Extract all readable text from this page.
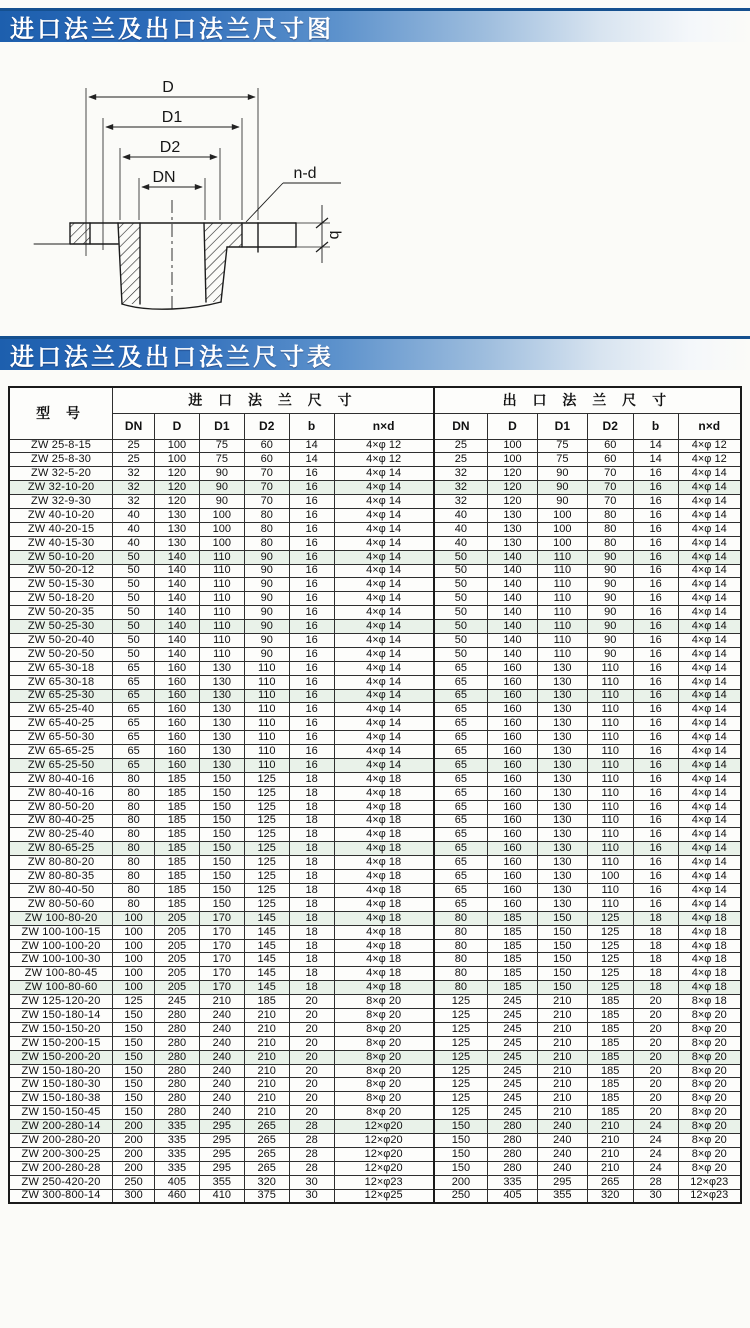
进口法兰及出口法兰尺寸图
D
D1
D2
DN	n-d
b
进口法兰及出口法兰尺寸表
型 号	进 口 法 兰 尺 寸						出 口 法 兰 尺 寸					
	DN	D	D1	D2	b	n×d	DN	D	D1	D2	b	n×d
ZW 25-8-15	25	100	75	60	14	4×φ 12	25	100	75	60	14	4×φ 12
ZW 25-8-30	25	100	75	60	14	4×φ 12	25	100	75	60	14	4×φ 12
ZW 32-5-20	32	120	90	70	16	4×φ 14	32	120	90	70	16	4×φ 14
ZW 32-10-20	32	120	90	70	16	4×φ 14	32	120	90	70	16	4×φ 14
ZW 32-9-30	32	120	90	70	16	4×φ 14	32	120	90	70	16	4×φ 14
ZW 40-10-20	40	130	100	80	16	4×φ 14	40	130	100	80	16	4×φ 14
ZW 40-20-15	40	130	100	80	16	4×φ 14	40	130	100	80	16	4×φ 14
ZW 40-15-30	40	130	100	80	16	4×φ 14	40	130	100	80	16	4×φ 14
ZW 50-10-20	50	140	110	90	16	4×φ 14	50	140	110	90	16	4×φ 14
ZW 50-20-12	50	140	110	90	16	4×φ 14	50	140	110	90	16	4×φ 14
ZW 50-15-30	50	140	110	90	16	4×φ 14	50	140	110	90	16	4×φ 14
ZW 50-18-20	50	140	110	90	16	4×φ 14	50	140	110	90	16	4×φ 14
ZW 50-20-35	50	140	110	90	16	4×φ 14	50	140	110	90	16	4×φ 14
ZW 50-25-30	50	140	110	90	16	4×φ 14	50	140	110	90	16	4×φ 14
ZW 50-20-40	50	140	110	90	16	4×φ 14	50	140	110	90	16	4×φ 14
ZW 50-20-50	50	140	110	90	16	4×φ 14	50	140	110	90	16	4×φ 14
ZW 65-30-18	65	160	130	110	16	4×φ 14	65	160	130	110	16	4×φ 14
ZW 65-30-18	65	160	130	110	16	4×φ 14	65	160	130	110	16	4×φ 14
ZW 65-25-30	65	160	130	110	16	4×φ 14	65	160	130	110	16	4×φ 14
ZW 65-25-40	65	160	130	110	16	4×φ 14	65	160	130	110	16	4×φ 14
ZW 65-40-25	65	160	130	110	16	4×φ 14	65	160	130	110	16	4×φ 14
ZW 65-50-30	65	160	130	110	16	4×φ 14	65	160	130	110	16	4×φ 14
ZW 65-65-25	65	160	130	110	16	4×φ 14	65	160	130	110	16	4×φ 14
ZW 65-25-50	65	160	130	110	16	4×φ 14	65	160	130	110	16	4×φ 14
ZW 80-40-16	80	185	150	125	18	4×φ 18	65	160	130	110	16	4×φ 14
ZW 80-40-16	80	185	150	125	18	4×φ 18	65	160	130	110	16	4×φ 14
ZW 80-50-20	80	185	150	125	18	4×φ 18	65	160	130	110	16	4×φ 14
ZW 80-40-25	80	185	150	125	18	4×φ 18	65	160	130	110	16	4×φ 14
ZW 80-25-40	80	185	150	125	18	4×φ 18	65	160	130	110	16	4×φ 14
ZW 80-65-25	80	185	150	125	18	4×φ 18	65	160	130	110	16	4×φ 14
ZW 80-80-20	80	185	150	125	18	4×φ 18	65	160	130	110	16	4×φ 14
ZW 80-80-35	80	185	150	125	18	4×φ 18	65	160	130	100	16	4×φ 14
ZW 80-40-50	80	185	150	125	18	4×φ 18	65	160	130	110	16	4×φ 14
ZW 80-50-60	80	185	150	125	18	4×φ 18	65	160	130	110	16	4×φ 14
ZW 100-80-20	100	205	170	145	18	4×φ 18	80	185	150	125	18	4×φ 18
ZW 100-100-15	100	205	170	145	18	4×φ 18	80	185	150	125	18	4×φ 18
ZW 100-100-20	100	205	170	145	18	4×φ 18	80	185	150	125	18	4×φ 18
ZW 100-100-30	100	205	170	145	18	4×φ 18	80	185	150	125	18	4×φ 18
ZW 100-80-45	100	205	170	145	18	4×φ 18	80	185	150	125	18	4×φ 18
ZW 100-80-60	100	205	170	145	18	4×φ 18	80	185	150	125	18	4×φ 18
ZW 125-120-20	125	245	210	185	20	8×φ 20	125	245	210	185	20	8×φ 18
ZW 150-180-14	150	280	240	210	20	8×φ 20	125	245	210	185	20	8×φ 20
ZW 150-150-20	150	280	240	210	20	8×φ 20	125	245	210	185	20	8×φ 20
ZW 150-200-15	150	280	240	210	20	8×φ 20	125	245	210	185	20	8×φ 20
ZW 150-200-20	150	280	240	210	20	8×φ 20	125	245	210	185	20	8×φ 20
ZW 150-180-20	150	280	240	210	20	8×φ 20	125	245	210	185	20	8×φ 20
ZW 150-180-30	150	280	240	210	20	8×φ 20	125	245	210	185	20	8×φ 20
ZW 150-180-38	150	280	240	210	20	8×φ 20	125	245	210	185	20	8×φ 20
ZW 150-150-45	150	280	240	210	20	8×φ 20	125	245	210	185	20	8×φ 20
ZW 200-280-14	200	335	295	265	28	12×φ20	150	280	240	210	24	8×φ 20
ZW 200-280-20	200	335	295	265	28	12×φ20	150	280	240	210	24	8×φ 20
ZW 200-300-25	200	335	295	265	28	12×φ20	150	280	240	210	24	8×φ 20
ZW 200-280-28	200	335	295	265	28	12×φ20	150	280	240	210	24	8×φ 20
ZW 250-420-20	250	405	355	320	30	12×φ23	200	335	295	265	28	12×φ23
ZW 300-800-14	300	460	410	375	30	12×φ25	250	405	355	320	30	12×φ23
